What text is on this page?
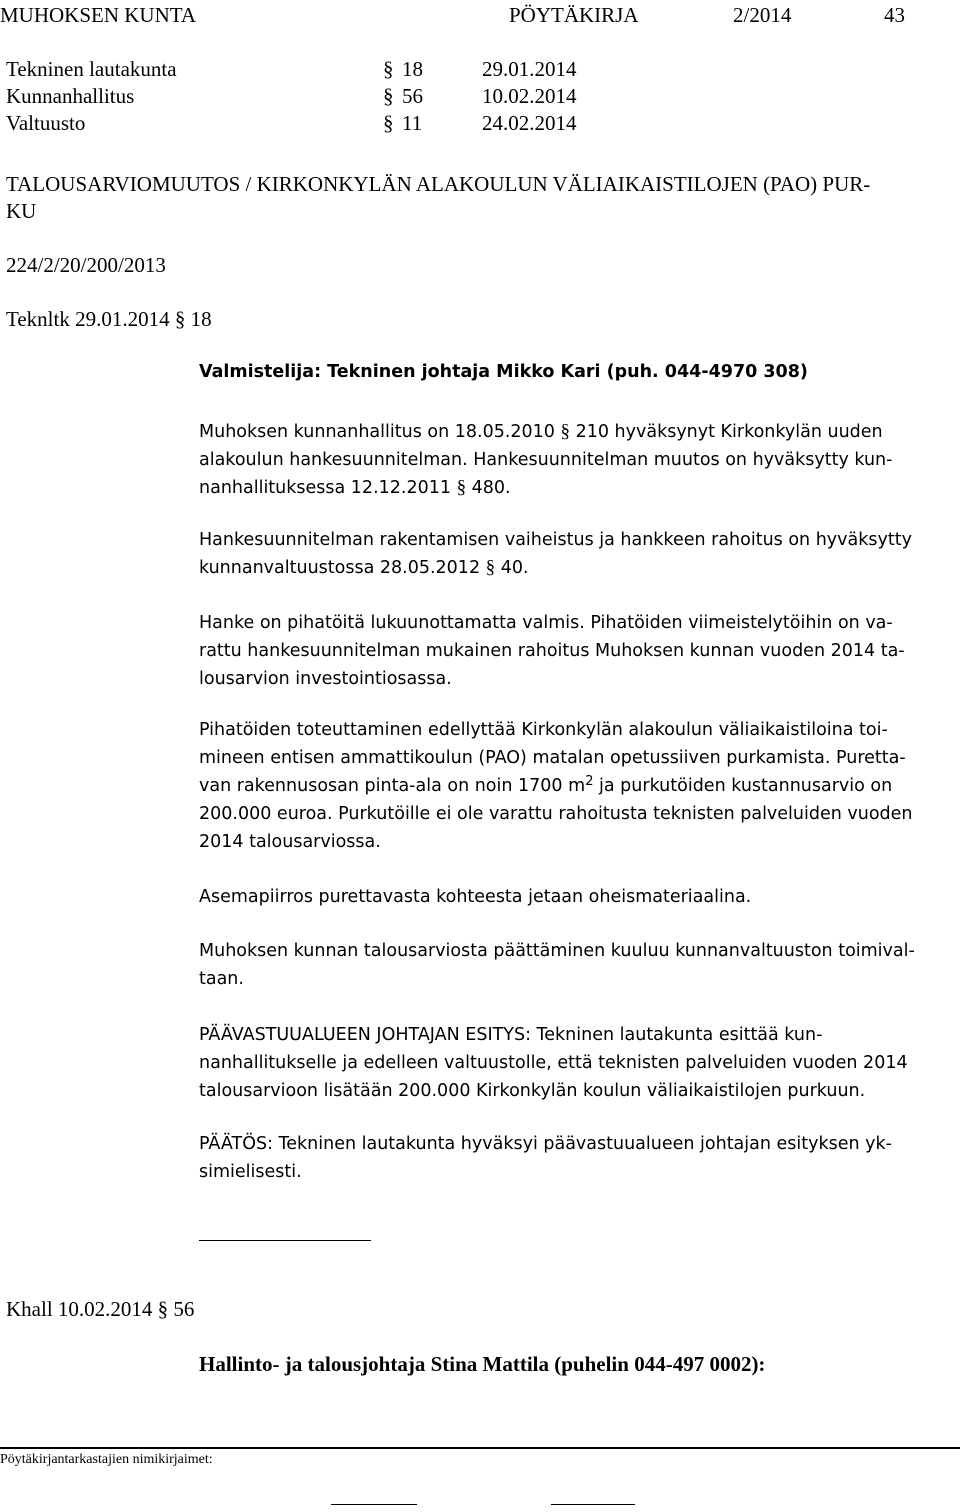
MUHOKSEN KUNTA	PÖYTÄKIRJA	2/2014	43
Tekninen lautakunta	§ 18	29.01.2014
Kunnanhallitus	§ 56	10.02.2014
Valtuusto	§ 11	24.02.2014
TALOUSARVIOMUUTOS / KIRKONKYLÄN ALAKOULUN VÄLIAIKAISTILOJEN (PAO) PUR-
KU
224/2/20/200/2013
Teknltk 29.01.2014 § 18
Valmistelija: Tekninen johtaja Mikko Kari (puh. 044-4970 308)
Muhoksen kunnanhallitus on 18.05.2010 § 210 hyväksynyt Kirkonkylän uuden
alakoulun hankesuunnitelman. Hankesuunnitelman muutos on hyväksytty kun-
nanhallituksessa 12.12.2011 § 480.
Hankesuunnitelman rakentamisen vaiheistus ja hankkeen rahoitus on hyväksytty
kunnanvaltuustossa 28.05.2012 § 40.
Hanke on pihatöitä lukuunottamatta valmis. Pihatöiden viimeistelytöihin on va-
rattu hankesuunnitelman mukainen rahoitus Muhoksen kunnan vuoden 2014 ta-
lousarvion investointiosassa.
Pihatöiden toteuttaminen edellyttää Kirkonkylän alakoulun väliaikaistiloina toi-
mineen entisen ammattikoulun (PAO) matalan opetussiiven purkamista. Puretta-
van rakennusosan pinta-ala on noin 1700 $m^2$ ja purkutöiden kustannusarvio on
200.000 euroa. Purkutöille ei ole varattu rahoitusta teknisten palveluiden vuoden
2014 talousarviossa.
Asemapiirros purettavasta kohteesta jetaan oheismateriaalina.
Muhoksen kunnan talousarviosta päättäminen kuuluu kunnanvaltuuston toimival-
taan.
PÄÄVASTUUALUEEN JOHTAJAN ESITYS: Tekninen lautakunta esittää kun-
nanhallitukselle ja edelleen valtuustolle, että teknisten palveluiden vuoden 2014
talousarvioon lisätään 200.000 Kirkonkylän koulun väliaikaistilojen purkuun.
PÄÄTÖS: Tekninen lautakunta hyväksyi päävastuualueen johtajan esityksen yk-
simielisesti.
Khall 10.02.2014 § 56
Hallinto- ja talousjohtaja Stina Mattila (puhelin 044-497 0002):
Pöytäkirjantarkastajien nimikirjaimet:
